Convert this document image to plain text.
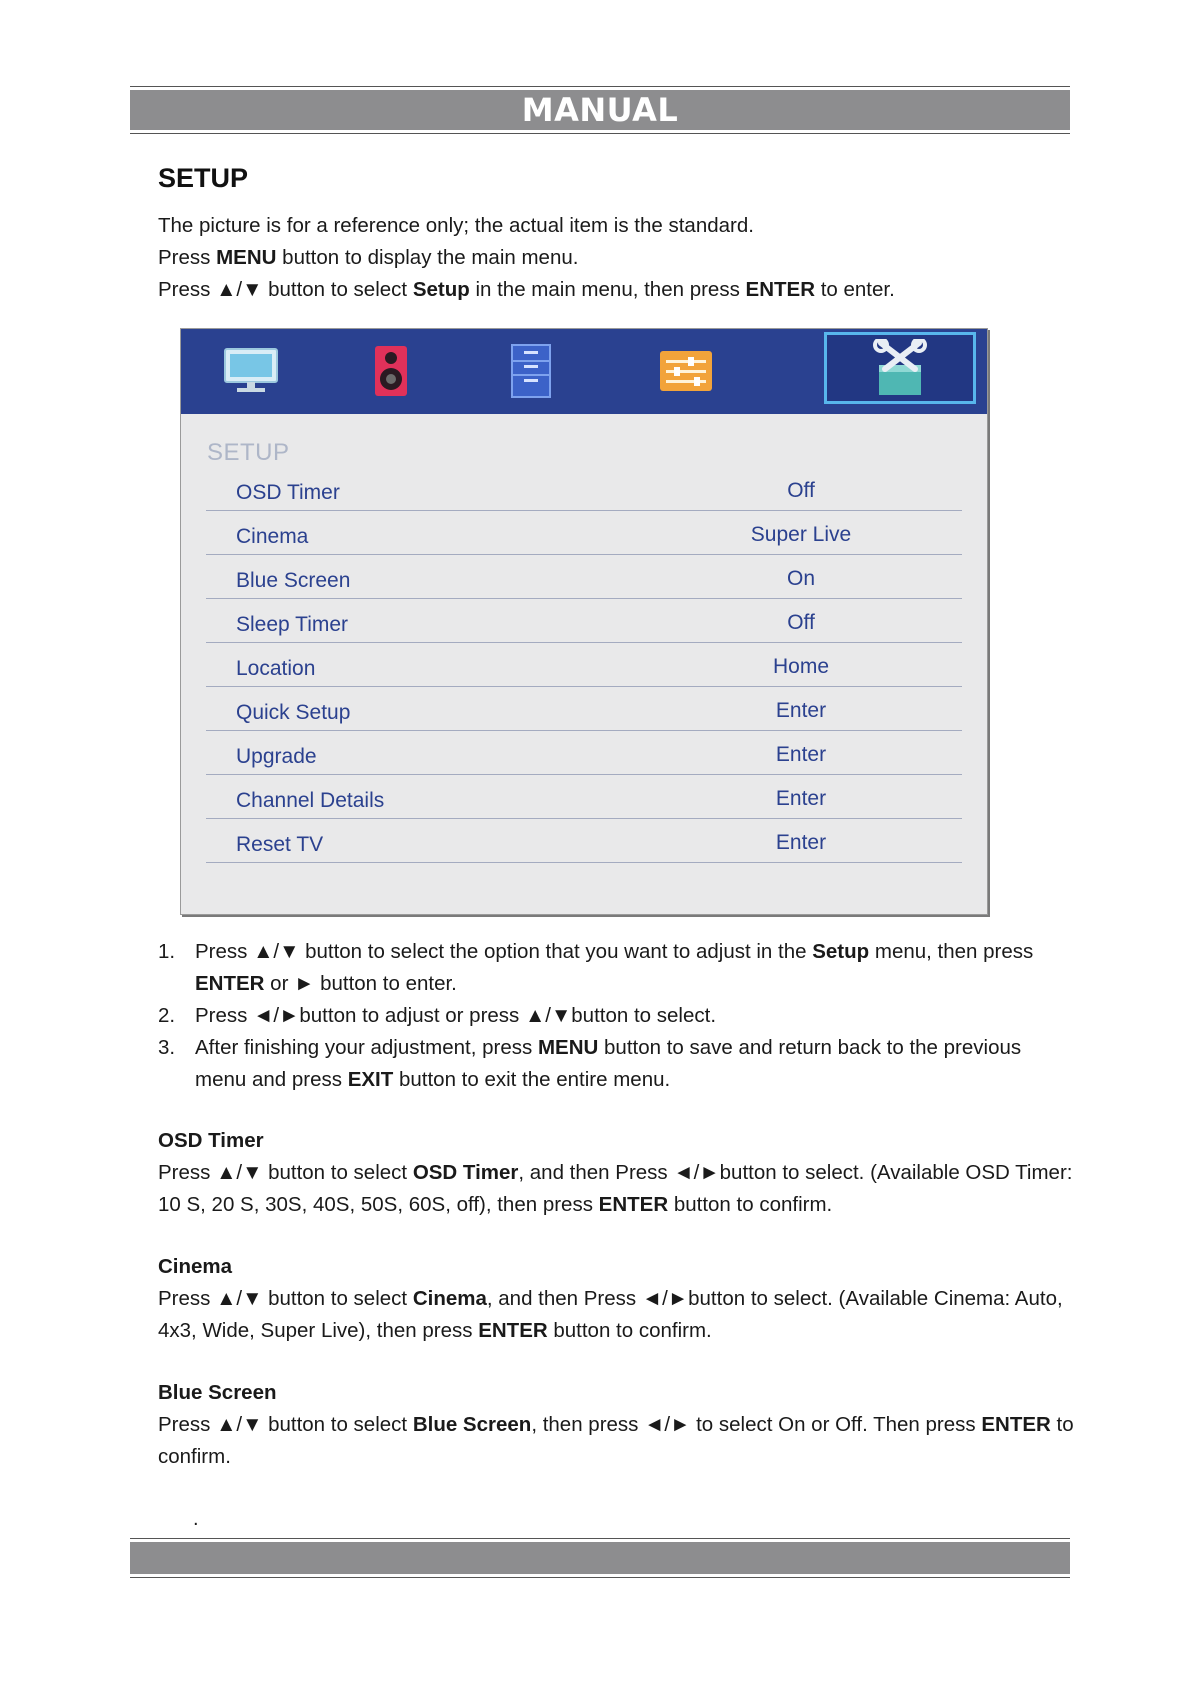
MANUAL
SETUP

The picture is for a reference only; the actual item is the standard.

Press MENU button to display the main menu.

Press ▲/▼ button to select Setup in the main menu, then press ENTER to enter.

SETUP
OSD Timer	Off
Cinema	Super Live
Blue Screen	On
Sleep Timer	Off
Location	Home
Quick Setup	Enter
Upgrade	Enter
Channel Details	Enter
Reset TV	Enter
1. Press ▲/▼ button to select the option that you want to adjust in the Setup menu, then press ENTER or ► button to enter.
2. Press ◄/►button to adjust or press ▲/▼button to select.
3. After finishing your adjustment, press MENU button to save and return back to the previous menu and press EXIT button to exit the entire menu.
OSD Timer

Press ▲/▼ button to select OSD Timer, and then Press ◄/►button to select. (Available OSD Timer: 10 S, 20 S, 30S, 40S, 50S, 60S, off), then press ENTER button to confirm.

Cinema

Press ▲/▼ button to select Cinema, and then Press ◄/►button to select. (Available Cinema: Auto, 4x3, Wide, Super Live), then press ENTER button to confirm.

Blue Screen

Press ▲/▼ button to select Blue Screen, then press ◄/► to select On or Off. Then press ENTER to confirm.

.
